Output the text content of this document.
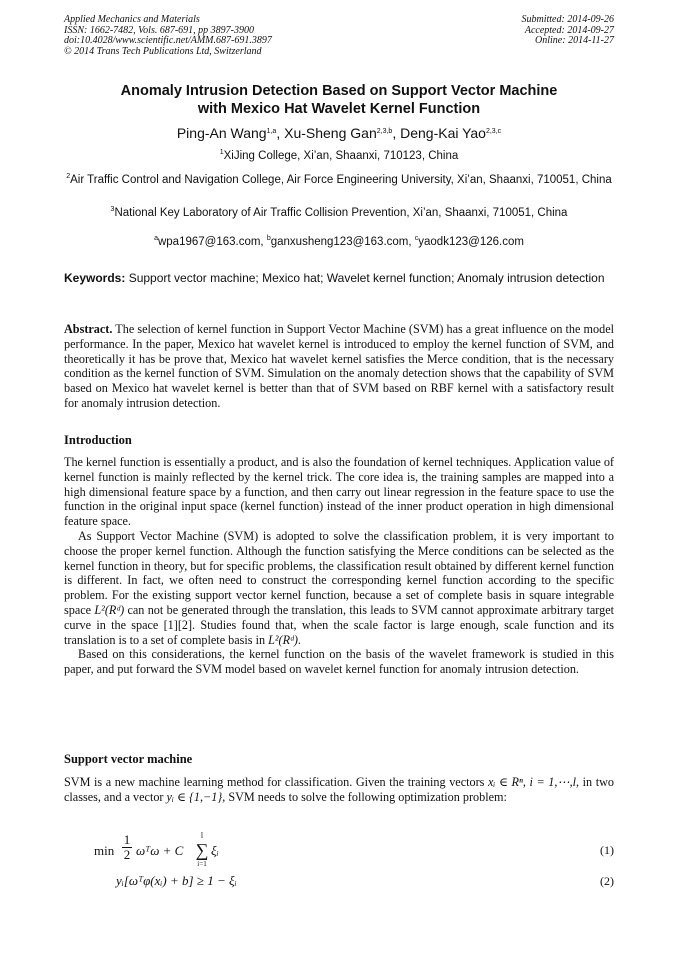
Applied Mechanics and Materials
ISSN: 1662-7482, Vols. 687-691, pp 3897-3900
doi:10.4028/www.scientific.net/AMM.687-691.3897
© 2014 Trans Tech Publications Ltd, Switzerland
Submitted: 2014-09-26
Accepted: 2014-09-27
Online: 2014-11-27
Anomaly Intrusion Detection Based on Support Vector Machine
with Mexico Hat Wavelet Kernel Function
Ping-An Wang$^{1,a}$, Xu-Sheng Gan$^{2,3,b}$, Deng-Kai Yao$^{2,3,c}$
$^1$XiJing College, Xi’an, Shaanxi, 710123, China
$^2$Air Traffic Control and Navigation College, Air Force Engineering University, Xi’an, Shaanxi, 710051, China
$^3$National Key Laboratory of Air Traffic Collision Prevention, Xi’an, Shaanxi, 710051, China
$^a$wpa1967@163.com, $^b$ganxusheng123@163.com, $^c$yaodk123@126.com
Keywords: Support vector machine; Mexico hat; Wavelet kernel function; Anomaly intrusion detection

Abstract. The selection of kernel function in Support Vector Machine (SVM) has a great influence on the model performance. In the paper, Mexico hat wavelet kernel is introduced to employ the kernel function of SVM, and theoretically it has be prove that, Mexico hat wavelet kernel satisfies the Merce condition, that is the necessary condition as the kernel function of SVM. Simulation on the anomaly detection shows that the capability of SVM based on Mexico hat wavelet kernel is better than that of SVM based on RBF kernel with a satisfactory result for anomaly intrusion detection.

Introduction

The kernel function is essentially a product, and is also the foundation of kernel techniques. Application value of kernel function is mainly reflected by the kernel trick. The core idea is, the training samples are mapped into a high dimensional feature space by a function, and then carry out linear regression in the feature space to use the function in the original input space (kernel function) instead of the inner product operation in high dimensional feature space.

As Support Vector Machine (SVM) is adopted to solve the classification problem, it is very important to choose the proper kernel function. Although the function satisfying the Merce conditions can be selected as the kernel function in theory, but for specific problems, the classification result obtained by different kernel function is different. In fact, we often need to construct the corresponding kernel function according to the specific problem. For the existing support vector kernel function, because a set of complete basis in square integrable space L²(Rᵈ) can not be generated through the translation, this leads to SVM cannot approximate arbitrary target curve in the space [1][2]. Studies found that, when the scale factor is large enough, scale function and its translation is to a set of complete basis in L²(Rᵈ).

Based on this considerations, the kernel function on the basis of the wavelet framework is studied in this paper, and put forward the SVM model based on wavelet kernel function for anomaly intrusion detection.

Support vector machine

SVM is a new machine learning method for classification. Given the training vectors xᵢ ∈ Rⁿ, i = 1,⋯,l, in two classes, and a vector yᵢ ∈ {1,−1}, SVM needs to solve the following optimization problem:

min
1
2 ωᵀω + C
l
∑
i=1
ξᵢ	(1)
yᵢ[ωᵀφ(xᵢ) + b] ≥ 1 − ξᵢ	(2)
